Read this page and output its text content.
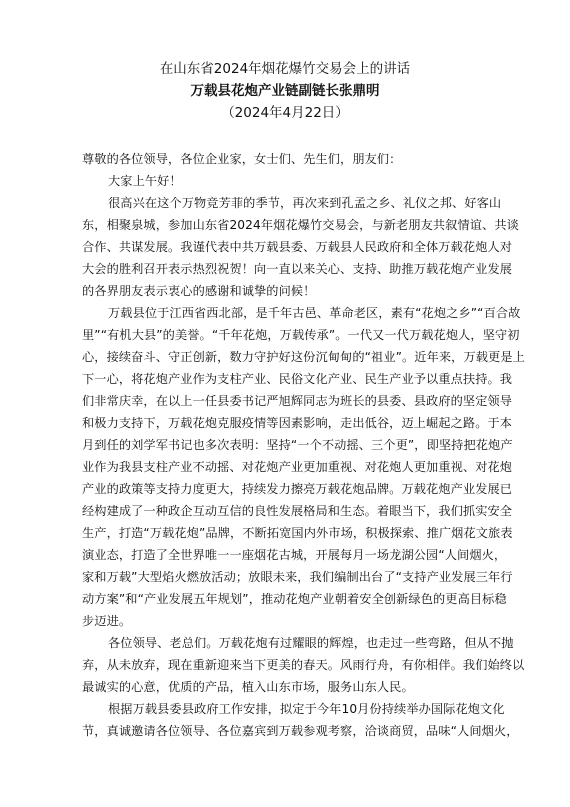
在山东省2024年烟花爆竹交易会上的讲话
万载县花炮产业链副链长张鼎明
（2024年4月22日）
尊敬的各位领导，各位企业家，女士们、先生们，朋友们：
大家上午好！
很高兴在这个万物竞芳菲的季节，再次来到孔孟之乡、礼仪之邦、好客山
东，相聚泉城，参加山东省2024年烟花爆竹交易会，与新老朋友共叙情谊、共谈
合作、共谋发展。我谨代表中共万载县委、万载县人民政府和全体万载花炮人对
大会的胜利召开表示热烈祝贺！向一直以来关心、支持、助推万载花炮产业发展
的各界朋友表示衷心的感谢和诚挚的问候！
万载县位于江西省西北部，是千年古邑、革命老区，素有“花炮之乡”“百合故
里”“有机大县”的美誉。“千年花炮，万载传承”。一代又一代万载花炮人，坚守初
心，接续奋斗、守正创新，数力守护好这份沉甸甸的“祖业”。近年来，万载更是上
下一心，将花炮产业作为支柱产业、民俗文化产业、民生产业予以重点扶持。我
们非常庆幸，在以上一任县委书记严旭辉同志为班长的县委、县政府的坚定领导
和极力支持下，万载花炮克服疫情等因素影响，走出低谷，迈上崛起之路。于本
月到任的刘学军书记也多次表明：坚持“一个不动摇、三个更”，即坚持把花炮产
业作为我县支柱产业不动摇、对花炮产业更加重视、对花炮人更加重视、对花炮
产业的政策等支持力度更大，持续发力擦亮万载花炮品牌。万载花炮产业发展已
经构建成了一种政企互动互信的良性发展格局和生态。着眼当下，我们抓实安全
生产，打造“万载花炮”品牌，不断拓宽国内外市场，积极探索、推广烟花文旅表
演业态，打造了全世界唯一一座烟花古城，开展每月一场龙湖公园“人间烟火，
家和万载”大型焰火燃放活动；放眼未来，我们编制出台了“支持产业发展三年行
动方案”和“产业发展五年规划”，推动花炮产业朝着安全创新绿色的更高目标稳
步迈进。
各位领导、老总们。万载花炮有过耀眼的辉煌，也走过一些弯路，但从不抛
弃，从未放弃，现在重新迎来当下更美的春天。风雨行舟，有你相伴。我们始终以
最诚实的心意，优质的产品，植入山东市场，服务山东人民。
根据万载县委县政府工作安排，拟定于今年10月份持续举办国际花炮文化
节，真诚邀请各位领导、各位嘉宾到万载参观考察，洽谈商贸，品味“人间烟火，
